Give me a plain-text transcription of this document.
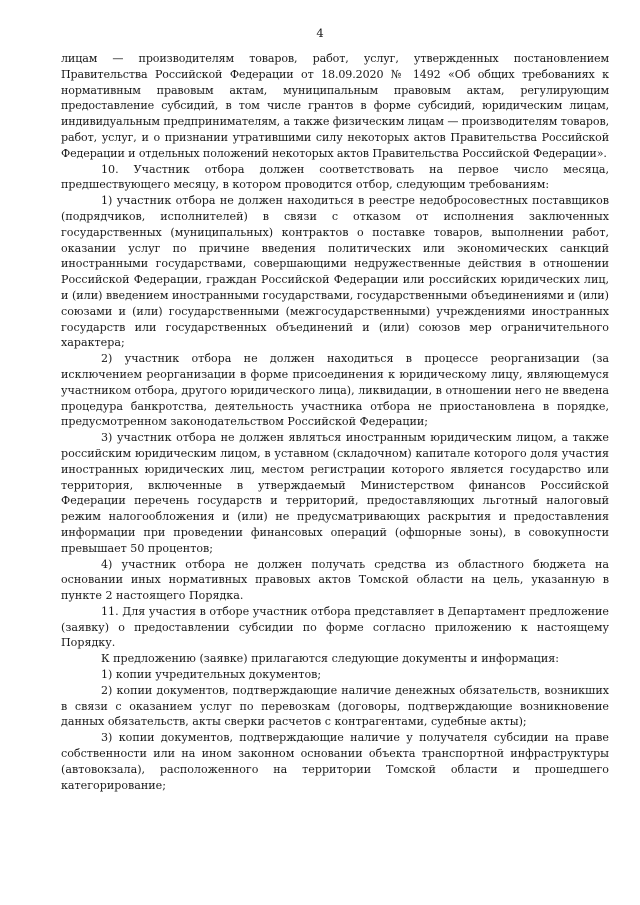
4

лицам — производителям товаров, работ, услуг, утвержденных постановлением Правительства Российской Федерации от 18.09.2020 № 1492 «Об общих требованиях к нормативным правовым актам, муниципальным правовым актам, регулирующим предоставление субсидий, в том числе грантов в форме субсидий, юридическим лицам, индивидуальным предпринимателям, а также физическим лицам — производителям товаров, работ, услуг, и о признании утратившими силу некоторых актов Правительства Российской Федерации и отдельных положений некоторых актов Правительства Российской Федерации».

10. Участник отбора должен соответствовать на первое число месяца, предшествующего месяцу, в котором проводится отбор, следующим требованиям:

1) участник отбора не должен находиться в реестре недобросовестных поставщиков (подрядчиков, исполнителей) в связи с отказом от исполнения заключенных государственных (муниципальных) контрактов о поставке товаров, выполнении работ, оказании услуг по причине введения политических или экономических санкций иностранными государствами, совершающими недружественные действия в отношении Российской Федерации, граждан Российской Федерации или российских юридических лиц, и (или) введением иностранными государствами, государственными объединениями и (или) союзами и (или) государственными (межгосударственными) учреждениями иностранных государств или государственных объединений и (или) союзов мер ограничительного характера;

2) участник отбора не должен находиться в процессе реорганизации (за исключением реорганизации в форме присоединения к юридическому лицу, являющемуся участником отбора, другого юридического лица), ликвидации, в отношении него не введена процедура банкротства, деятельность участника отбора не приостановлена в порядке, предусмотренном законодательством Российской Федерации;

3) участник отбора не должен являться иностранным юридическим лицом, а также российским юридическим лицом, в уставном (складочном) капитале которого доля участия иностранных юридических лиц, местом регистрации которого является государство или территория, включенные в утверждаемый Министерством финансов Российской Федерации перечень государств и территорий, предоставляющих льготный налоговый режим налогообложения и (или) не предусматривающих раскрытия и предоставления информации при проведении финансовых операций (офшорные зоны), в совокупности превышает 50 процентов;

4) участник отбора не должен получать средства из областного бюджета на основании иных нормативных правовых актов Томской области на цель, указанную в пункте 2 настоящего Порядка.

11. Для участия в отборе участник отбора представляет в Департамент предложение (заявку) о предоставлении субсидии по форме согласно приложению к настоящему Порядку.

К предложению (заявке) прилагаются следующие документы и информация:

1) копии учредительных документов;

2) копии документов, подтверждающие наличие денежных обязательств, возникших в связи с оказанием услуг по перевозкам (договоры, подтверждающие возникновение данных обязательств, акты сверки расчетов с контрагентами, судебные акты);

3) копии документов, подтверждающие наличие у получателя субсидии на праве собственности или на ином законном основании объекта транспортной инфраструктуры (автовокзала), расположенного на территории Томской области и прошедшего категорирование;
